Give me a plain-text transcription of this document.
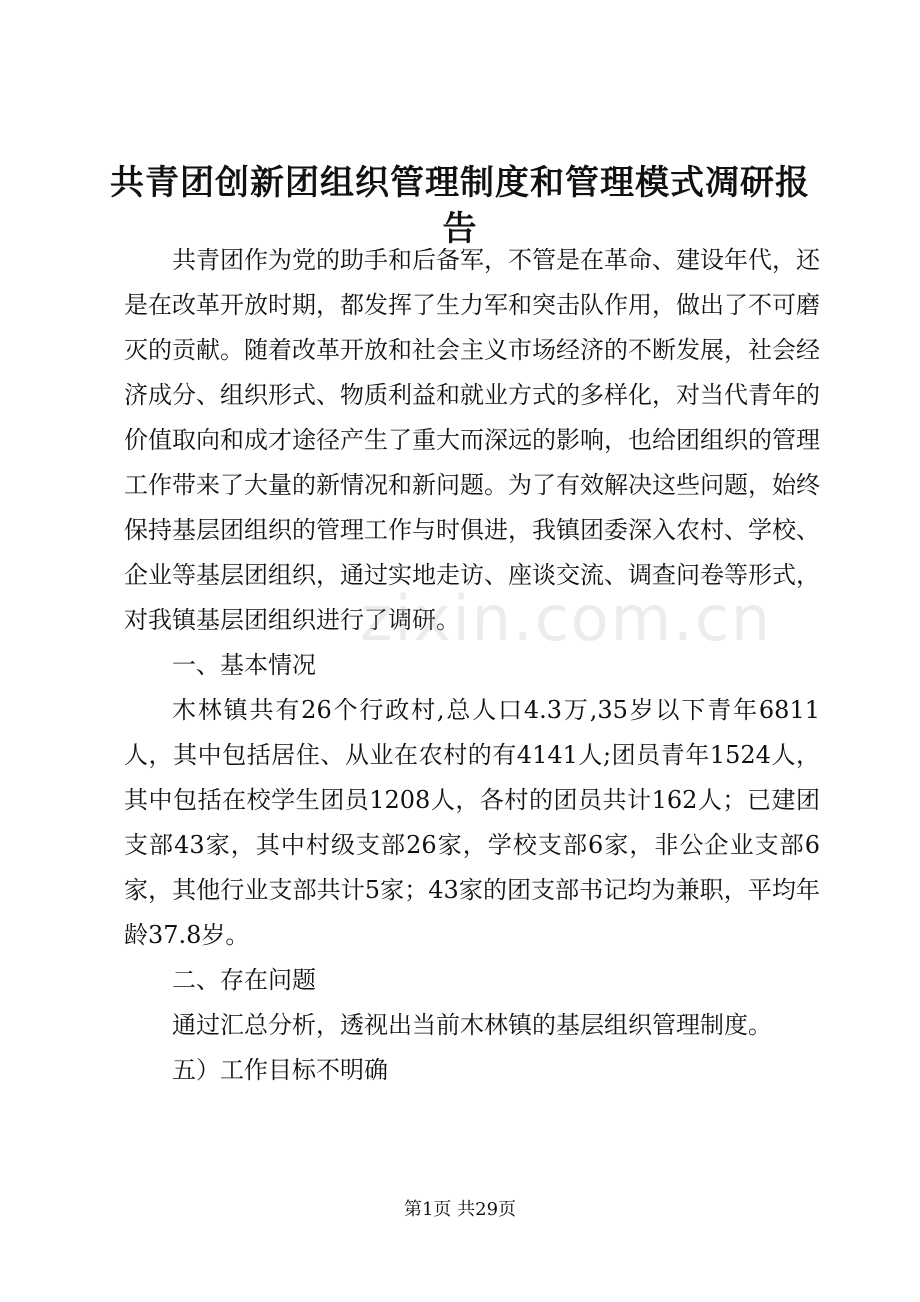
共青团创新团组织管理制度和管理模式凋研报告

共青团作为党的助手和后备军，不管是在革命、建设年代，还是在改革开放时期，都发挥了生力军和突击队作用，做出了不可磨灭的贡献。随着改革开放和社会主义市场经济的不断发展，社会经济成分、组织形式、物质利益和就业方式的多样化，对当代青年的价值取向和成才途径产生了重大而深远的影响，也给团组织的管理工作带来了大量的新情况和新问题。为了有效解决这些问题，始终保持基层团组织的管理工作与时俱进，我镇团委深入农村、学校、企业等基层团组织，通过实地走访、座谈交流、调查问卷等形式，对我镇基层团组织进行了调研。

一、基本情况

木林镇共有26个行政村,总人口4.3万,35岁以下青年6811人，其中包括居住、从业在农村的有4141人;团员青年1524人，其中包括在校学生团员1208人，各村的团员共计162人；已建团支部43家，其中村级支部26家，学校支部6家，非公企业支部6家，其他行业支部共计5家；43家的团支部书记均为兼职，平均年龄37.8岁。

二、存在问题

通过汇总分析，透视出当前木林镇的基层组织管理制度。

五）工作目标不明确

zixin.com.cn
第1页 共29页
